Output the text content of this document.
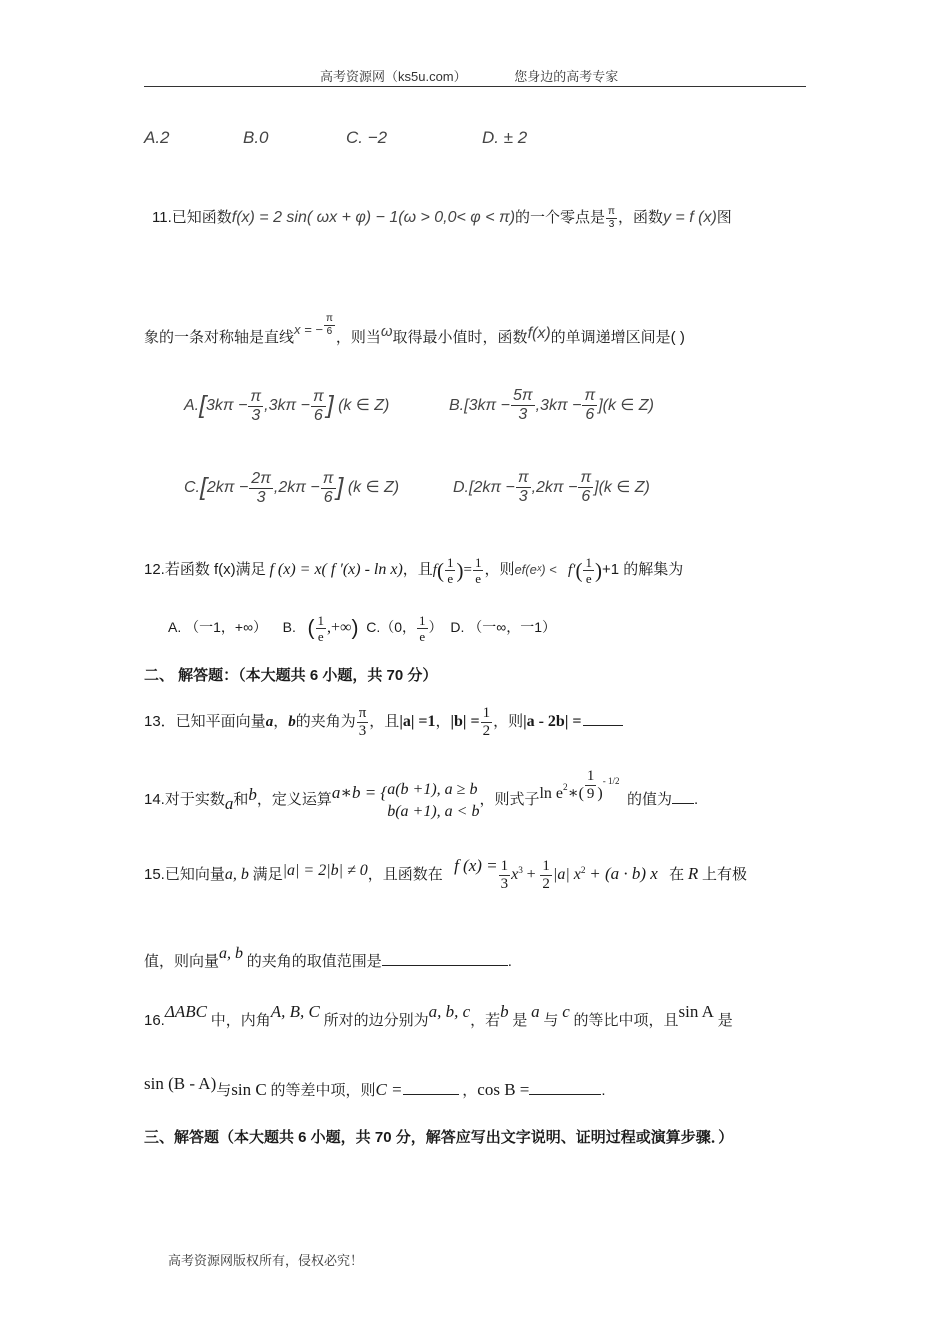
高考资源网（ks5u.com）	您身边的高考专家
A.2	B.0	C. −2	D. ± 2
11.已知函数f(x) = 2 sin( ωx + φ) − 1(ω > 0,0< φ < π)的一个零点是 $\frac{\pi}{3}$ ，函数y = f (x)图
象的一条对称轴是直线x = − $\frac{\pi}{6}$
，则当ω取得最小值时，函数f(x)的单调递增区间是( )
$A.[3k\pi - \frac{\pi}{3} ,3k\pi - \frac{\pi}{6}$ ] (k ∈ Z)	$B.[3k\pi - \frac{5\pi}{3} ,3k\pi - \frac{\pi}{6} ](k$ ∈ Z)
$C.[2k\pi - \frac{2\pi}{3} ,2k\pi - \frac{\pi}{6}$ ] (k ∈ Z)	$D.[2k\pi - \frac{\pi}{3} ,2k\pi - \frac{\pi}{6} ](k$ ∈ Z)
12.若函数 f(x)满足 f (x) = x( f ′(x) - ln x)，且$f( \frac{1}{e}$ )= $\frac{1}{e}$ ，则ef(eˣ) < $f'( \frac{1}{e} )+1$ 的解集为
A. （一1，+∞） B. ( $\frac{1}{e}$ ,+∞) C.（0， $\frac{1}{e}$ ） D. （一∞，一1）
二、 解答题：（本大题共 6 小题，共 70 分）
13．已知平面向量a，b的夹角为 $\frac{\pi}{3}$ ，且|a| =1，$|b| = \frac{1}{2}$ ，则|a - 2b| =
14.对于实数a和b，定义运算a∗b = { a(b +1), a ≥ b
b(a +1), a < b
，则式子$\ln e^2∗( \frac{1}{9} )^{- 1/2}$  的值为 .
15.已知向量a, b 满足|a| = 2|b| ≠ 0，且函数在 f $(x) = \frac{1}{3} x^3 + \frac{1}{2} |a|$ $x^2 + (a \cdot b)$ x 在 R 上有极
值，则向量a, b 的夹角的取值范围是	.
16.ΔABC 中，内角A, B, C 所对的边分别为a, b, c，若b 是 a 与 c 的等比中项，且sin A 是
sin (B - A)与sin C 的等差中项，则C =	，cos B =	.
三、解答题（本大题共 6 小题，共 70 分，解答应写出文字说明、证明过程或演算步骤．）
高考资源网版权所有，侵权必究！
